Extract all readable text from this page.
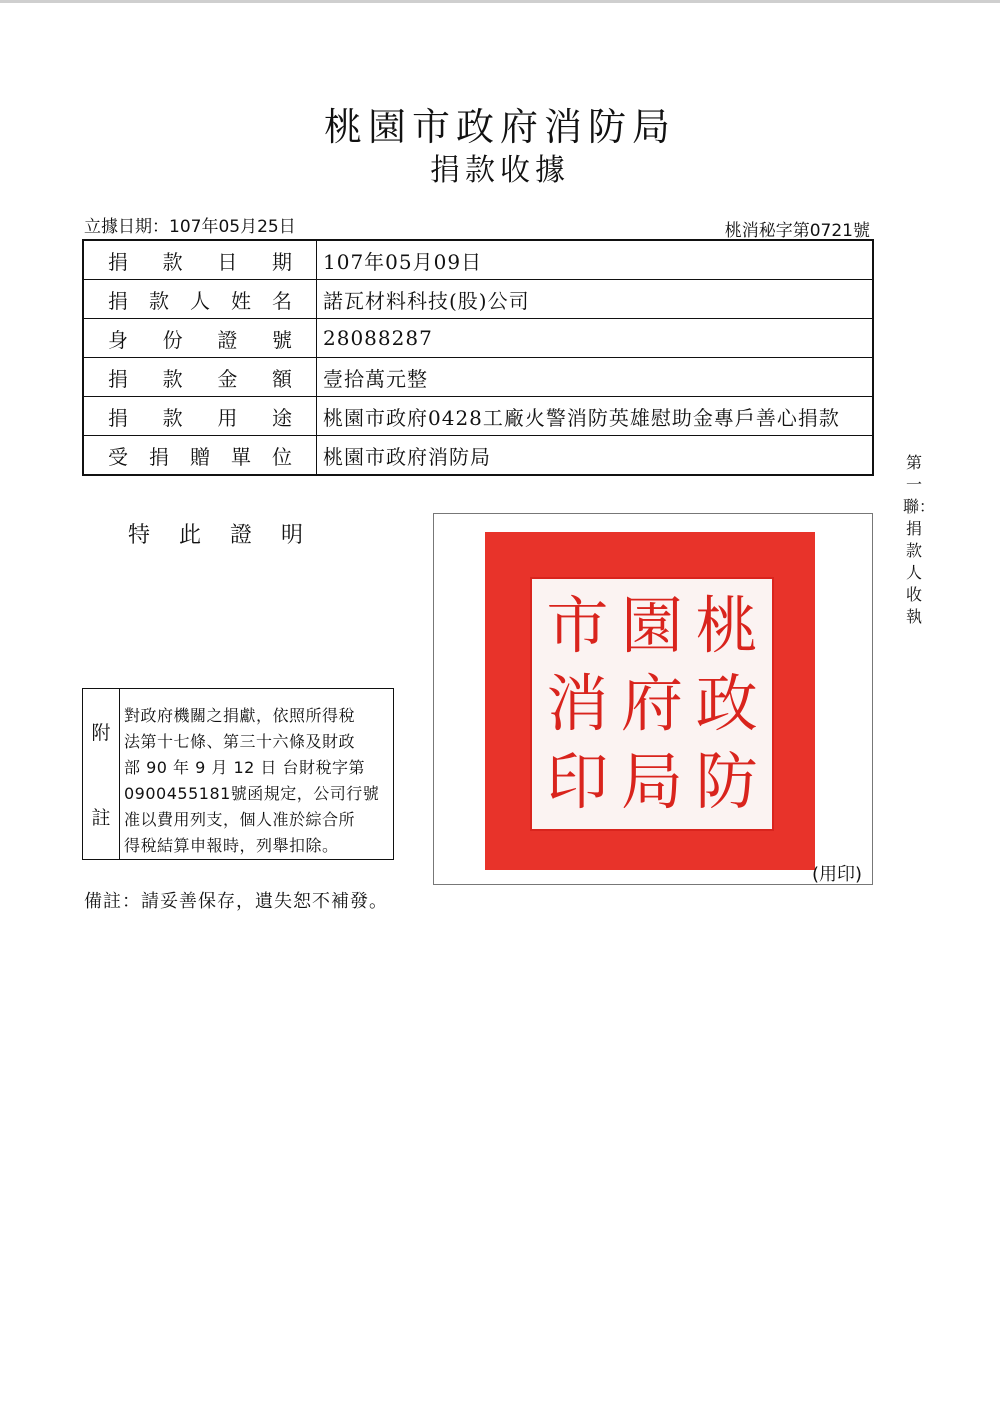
桃園市政府消防局
捐款收據
立據日期：107年05月25日	桃消秘字第0721號
捐款日期	107年05月09日
捐款人姓名	諾瓦材料科技(股)公司
身份證號	28088287
捐款金額	壹拾萬元整
捐款用途	桃園市政府0428工廠火警消防英雄慰助金專戶善心捐款
受捐贈單位	桃園市政府消防局
特 此 證 明
第一聯：捐款人收執
附
註
對政府機關之捐獻，依照所得稅
法第十七條、第三十六條及財政
部 90 年 9 月 12 日 台財稅字第
0900455181號函規定，公司行號
准以費用列支，個人准於綜合所
得稅結算申報時，列舉扣除。
市 園 桃
消 府 政
印 局 防
(用印)
備註：請妥善保存，遺失恕不補發。
